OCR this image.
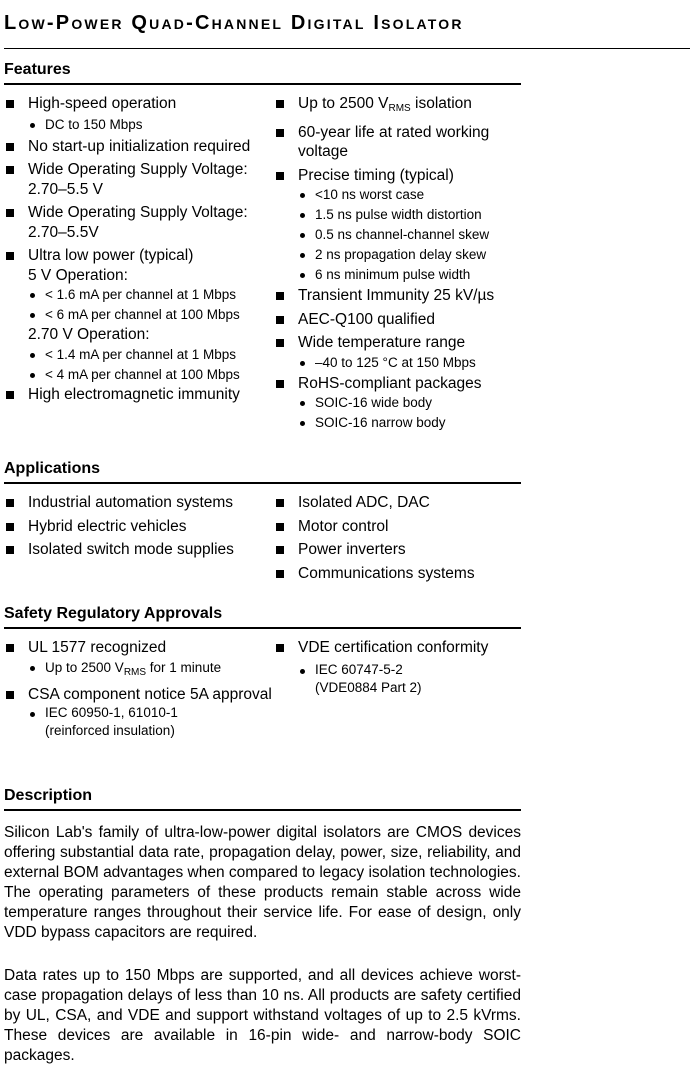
Low-Power Quad-Channel Digital Isolator
Features
High-speed operation
DC to 150 Mbps
No start-up initialization required
Wide Operating Supply Voltage: 2.70–5.5 V
Wide Operating Supply Voltage: 2.70–5.5V
Ultra low power (typical)
5 V Operation:
< 1.6 mA per channel at 1 Mbps
< 6 mA per channel at 100 Mbps
2.70 V Operation:
< 1.4 mA per channel at 1 Mbps
< 4 mA per channel at 100 Mbps
High electromagnetic immunity
Up to 2500 $V_{RMS}$ isolation
60-year life at rated working voltage
Precise timing (typical)
<10 ns worst case
1.5 ns pulse width distortion
0.5 ns channel-channel skew
2 ns propagation delay skew
6 ns minimum pulse width
Transient Immunity 25 kV/µs
AEC-Q100 qualified
Wide temperature range
–40 to 125 °C at 150 Mbps
RoHS-compliant packages
SOIC-16 wide body
SOIC-16 narrow body
Applications
Industrial automation systems
Hybrid electric vehicles
Isolated switch mode supplies
Isolated ADC, DAC
Motor control
Power inverters
Communications systems
Safety Regulatory Approvals
UL 1577 recognized
Up to 2500 $V_{RMS}$ for 1 minute
CSA component notice 5A approval
IEC 60950-1, 61010-1
(reinforced insulation)
VDE certification conformity
IEC 60747-5-2
(VDE0884 Part 2)
Description

Silicon Lab's family of ultra-low-power digital isolators are CMOS devices offering substantial data rate, propagation delay, power, size, reliability, and external BOM advantages when compared to legacy isolation technologies. The operating parameters of these products remain stable across wide temperature ranges throughout their service life. For ease of design, only VDD bypass capacitors are required.

Data rates up to 150 Mbps are supported, and all devices achieve worst-case propagation delays of less than 10 ns. All products are safety certified by UL, CSA, and VDE and support withstand voltages of up to 2.5 kVrms. These devices are available in 16-pin wide- and narrow-body SOIC packages.
